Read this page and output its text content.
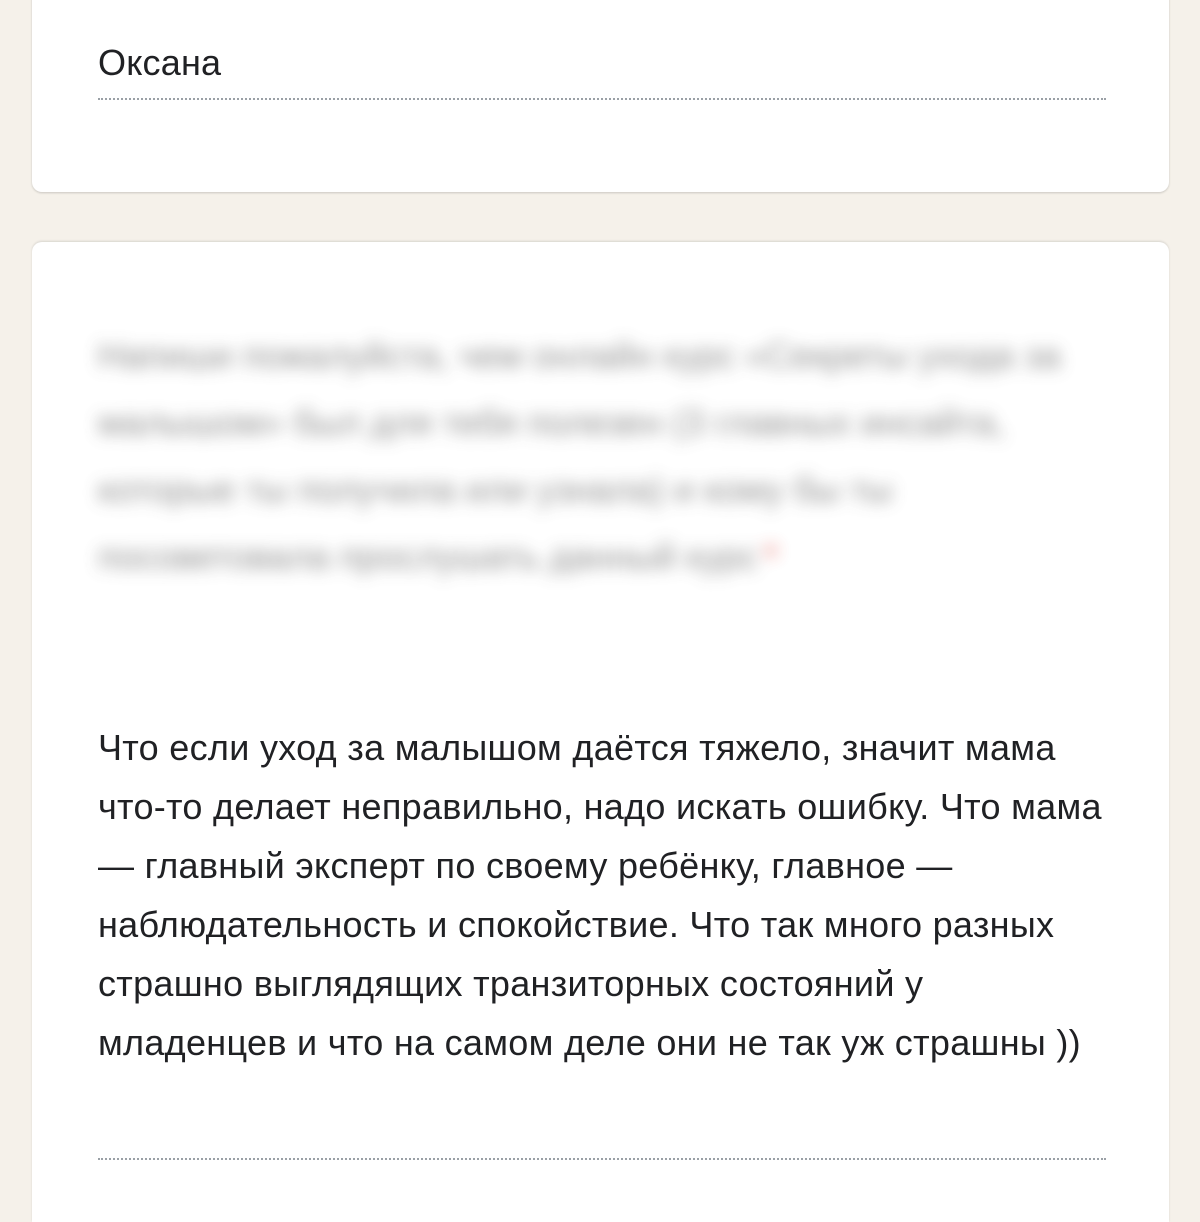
Оксана
Напиши пожалуйста, чем онлайн курс «Секреты ухода за малышом» был для тебя полезен (3 главных инсайта, которые ты получила или узнала) и кому бы ты посоветовала прослушать данный курс *
Что если уход за малышом даётся тяжело, значит мама что-то делает неправильно, надо искать ошибку. Что мама — главный эксперт по своему ребёнку, главное — наблюдательность и спокойствие. Что так много разных страшно выглядящих транзиторных состояний у младенцев и что на самом деле они не так уж страшны ))
